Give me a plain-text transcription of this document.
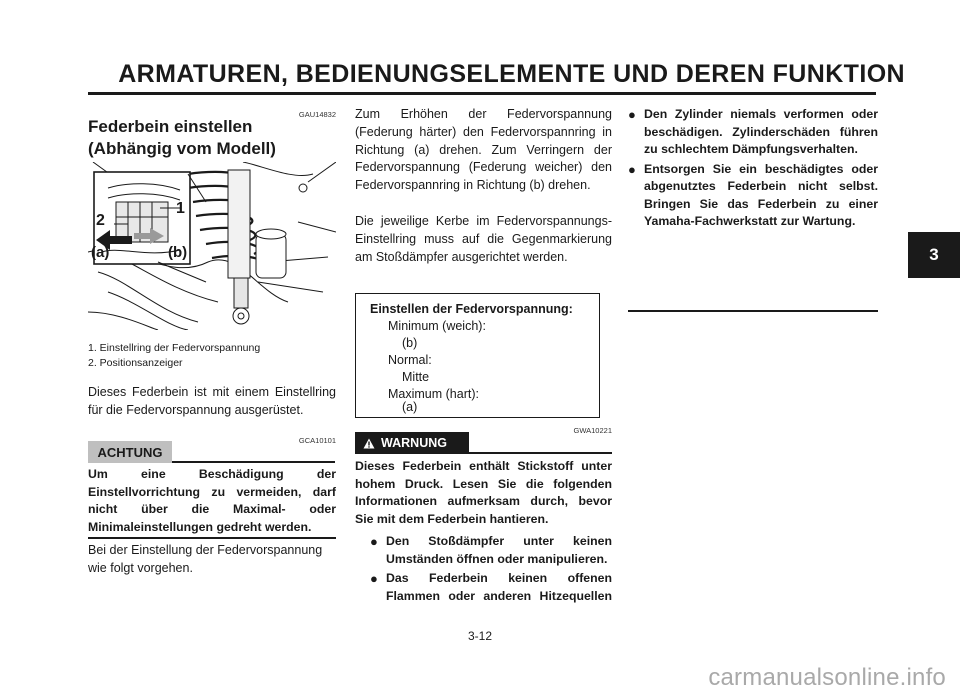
ARMATUREN, BEDIENUNGSELEMENTE UND DEREN FUNKTION
3
GAU14832
Federbein einstellen (Abhängig vom Modell)
1
2
(a)	(b)
1. Einstellring der Federvorspannung
2. Positionsanzeiger
Dieses Federbein ist mit einem Einstellring für die Federvorspannung ausgerüstet.
GCA10101
ACHTUNG
Um eine Beschädigung der Einstellvorrichtung zu vermeiden, darf nicht über die Maximal- oder Minimaleinstellungen gedreht werden.
Bei der Einstellung der Federvorspannung wie folgt vorgehen.
Zum Erhöhen der Federvorspannung (Federung härter) den Federvorspannring in Richtung (a) drehen. Zum Verringern der Federvorspannung (Federung weicher) den Federvorspannring in Richtung (b) drehen.
Die jeweilige Kerbe im Federvorspannungs-Einstellring muss auf die Gegenmarkierung am Stoßdämpfer ausgerichtet werden.
Einstellen der Federvorspannung:
Minimum (weich):
(b)
Normal:
Mitte
Maximum (hart):
(a)
GWA10221
WARNUNG
Dieses Federbein enthält Stickstoff unter hohem Druck. Lesen Sie die folgenden Informationen aufmerksam durch, bevor Sie mit dem Federbein hantieren.
● Den Stoßdämpfer unter keinen Umständen öffnen oder manipulieren.
● Das Federbein keinen offenen Flammen oder anderen Hitzequellen
● Den Zylinder niemals verformen oder beschädigen. Zylinderschäden führen zu schlechtem Dämpfungsverhalten.
● Entsorgen Sie ein beschädigtes oder abgenutztes Federbein nicht selbst. Bringen Sie das Federbein zu einer Yamaha-Fachwerkstatt zur Wartung.
3-12
carmanualsonline.info
